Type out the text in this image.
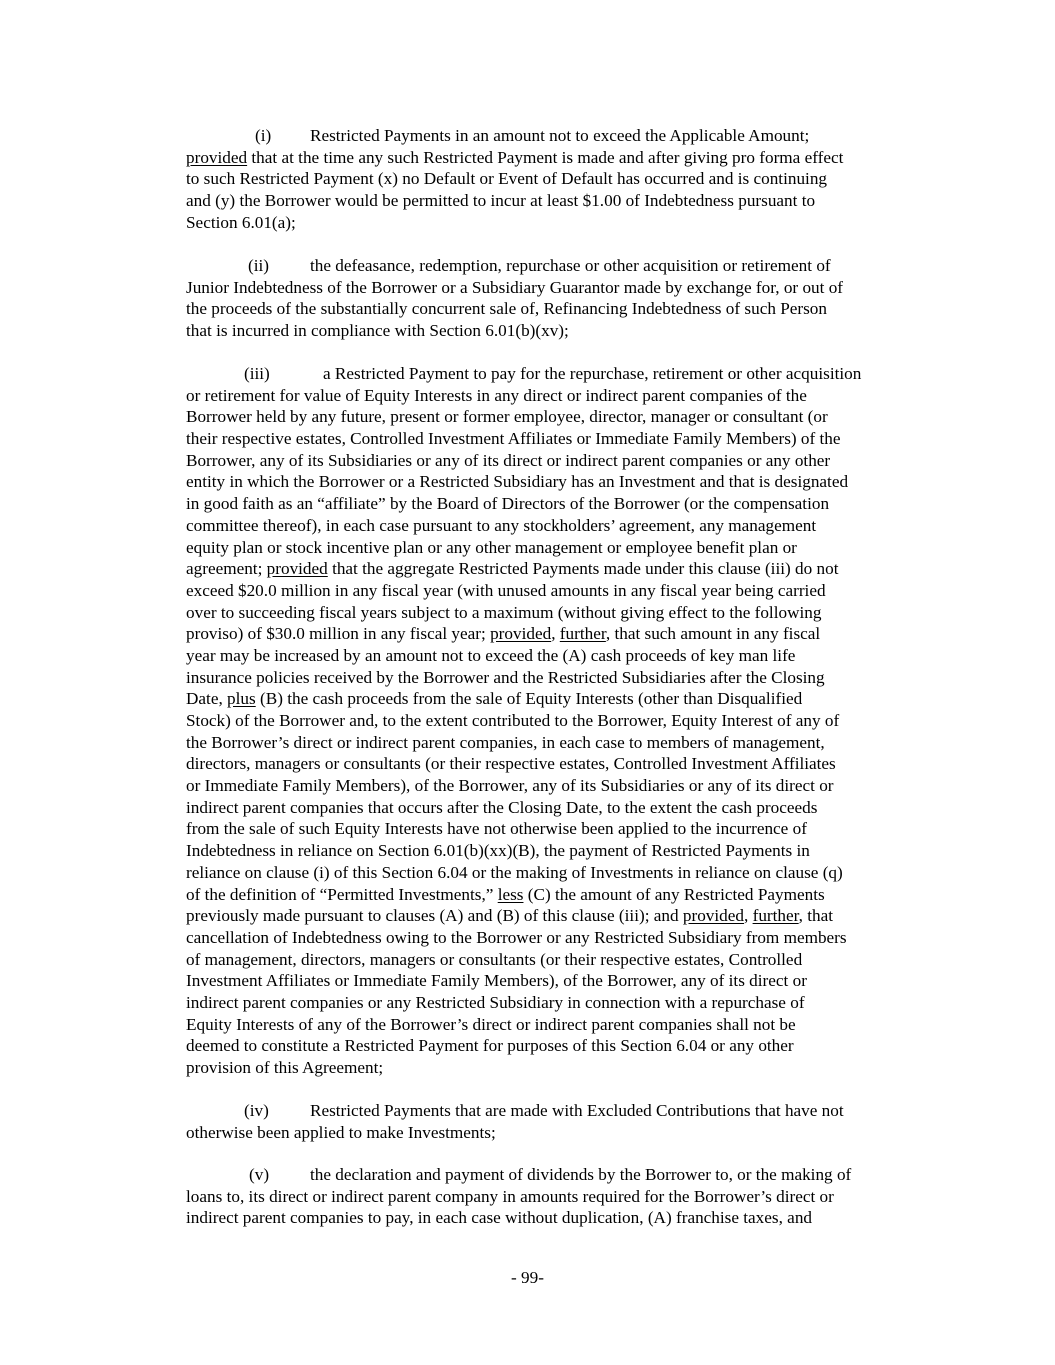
(i) Restricted Payments in an amount not to exceed the Applicable Amount;
provided that at the time any such Restricted Payment is made and after giving pro forma effect
to such Restricted Payment (x) no Default or Event of Default has occurred and is continuing
and (y) the Borrower would be permitted to incur at least $1.00 of Indebtedness pursuant to
Section 6.01(a);
(ii) the defeasance, redemption, repurchase or other acquisition or retirement of
Junior Indebtedness of the Borrower or a Subsidiary Guarantor made by exchange for, or out of
the proceeds of the substantially concurrent sale of, Refinancing Indebtedness of such Person
that is incurred in compliance with Section 6.01(b)(xv);
(iii)	a Restricted Payment to pay for the repurchase, retirement or other acquisition
or retirement for value of Equity Interests in any direct or indirect parent companies of the
Borrower held by any future, present or former employee, director, manager or consultant (or
their respective estates, Controlled Investment Affiliates or Immediate Family Members) of the
Borrower, any of its Subsidiaries or any of its direct or indirect parent companies or any other
entity in which the Borrower or a Restricted Subsidiary has an Investment and that is designated
in good faith as an “affiliate” by the Board of Directors of the Borrower (or the compensation
committee thereof), in each case pursuant to any stockholders’ agreement, any management
equity plan or stock incentive plan or any other management or employee benefit plan or
agreement; provided that the aggregate Restricted Payments made under this clause (iii) do not
exceed $20.0 million in any fiscal year (with unused amounts in any fiscal year being carried
over to succeeding fiscal years subject to a maximum (without giving effect to the following
proviso) of $30.0 million in any fiscal year; provided, further, that such amount in any fiscal
year may be increased by an amount not to exceed the (A) cash proceeds of key man life
insurance policies received by the Borrower and the Restricted Subsidiaries after the Closing
Date, plus (B) the cash proceeds from the sale of Equity Interests (other than Disqualified
Stock) of the Borrower and, to the extent contributed to the Borrower, Equity Interest of any of
the Borrower’s direct or indirect parent companies, in each case to members of management,
directors, managers or consultants (or their respective estates, Controlled Investment Affiliates
or Immediate Family Members), of the Borrower, any of its Subsidiaries or any of its direct or
indirect parent companies that occurs after the Closing Date, to the extent the cash proceeds
from the sale of such Equity Interests have not otherwise been applied to the incurrence of
Indebtedness in reliance on Section 6.01(b)(xx)(B), the payment of Restricted Payments in
reliance on clause (i) of this Section 6.04 or the making of Investments in reliance on clause (q)
of the definition of “Permitted Investments,” less (C) the amount of any Restricted Payments
previously made pursuant to clauses (A) and (B) of this clause (iii); and provided, further, that
cancellation of Indebtedness owing to the Borrower or any Restricted Subsidiary from members
of management, directors, managers or consultants (or their respective estates, Controlled
Investment Affiliates or Immediate Family Members), of the Borrower, any of its direct or
indirect parent companies or any Restricted Subsidiary in connection with a repurchase of
Equity Interests of any of the Borrower’s direct or indirect parent companies shall not be
deemed to constitute a Restricted Payment for purposes of this Section 6.04 or any other
provision of this Agreement;
(iv) Restricted Payments that are made with Excluded Contributions that have not
otherwise been applied to make Investments;
(v) the declaration and payment of dividends by the Borrower to, or the making of
loans to, its direct or indirect parent company in amounts required for the Borrower’s direct or
indirect parent companies to pay, in each case without duplication, (A) franchise taxes, and
- 99-
